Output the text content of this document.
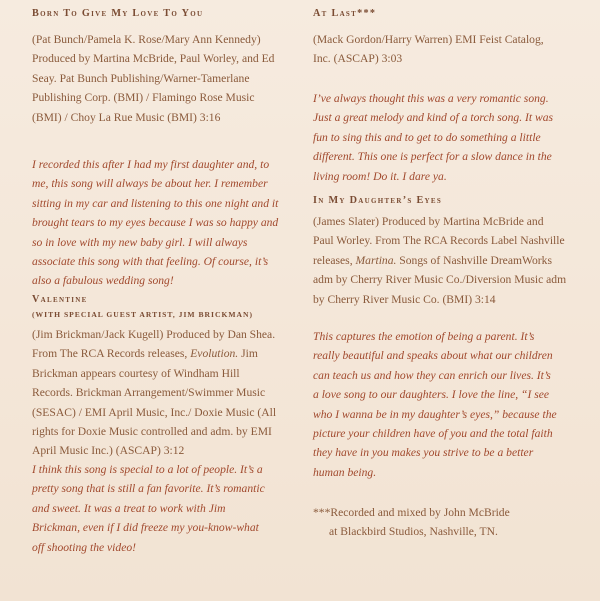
Born To Give My Love To You

(Pat Bunch/Pamela K. Rose/Mary Ann Kennedy) Produced by Martina McBride, Paul Worley, and Ed Seay. Pat Bunch Publishing/Warner-Tamerlane Publishing Corp. (BMI) / Flamingo Rose Music (BMI) / Choy La Rue Music (BMI) 3:16

I recorded this after I had my first daughter and, to me, this song will always be about her. I remember sitting in my car and listening to this one night and it brought tears to my eyes because I was so happy and so in love with my new baby girl. I will always associate this song with that feeling. Of course, it’s also a fabulous wedding song!

Valentine

(WITH SPECIAL GUEST ARTIST, JIM BRICKMAN)

(Jim Brickman/Jack Kugell) Produced by Dan Shea. From The RCA Records releases, Evolution. Jim Brickman appears courtesy of Windham Hill Records. Brickman Arrangement/Swimmer Music (SESAC) / EMI April Music, Inc./ Doxie Music (All rights for Doxie Music controlled and adm. by EMI April Music Inc.) (ASCAP) 3:12

I think this song is special to a lot of people. It’s a pretty song that is still a fan favorite. It’s romantic and sweet. It was a treat to work with Jim Brickman, even if I did freeze my you-know-what off shooting the video!

At Last***

(Mack Gordon/Harry Warren) EMI Feist Catalog, Inc. (ASCAP) 3:03

I’ve always thought this was a very romantic song. Just a great melody and kind of a torch song. It was fun to sing this and to get to do something a little different. This one is perfect for a slow dance in the living room! Do it. I dare ya.

In My Daughter’s Eyes

(James Slater) Produced by Martina McBride and Paul Worley. From The RCA Records Label Nashville releases, Martina. Songs of Nashville DreamWorks adm by Cherry River Music Co./Diversion Music adm by Cherry River Music Co. (BMI) 3:14

This captures the emotion of being a parent. It’s really beautiful and speaks about what our children can teach us and how they can enrich our lives. It’s a love song to our daughters. I love the line, “I see who I wanna be in my daughter’s eyes,” because the picture your children have of you and the total faith they have in you makes you strive to be a better human being.

***Recorded and mixed by John McBride
at Blackbird Studios, Nashville, TN.
